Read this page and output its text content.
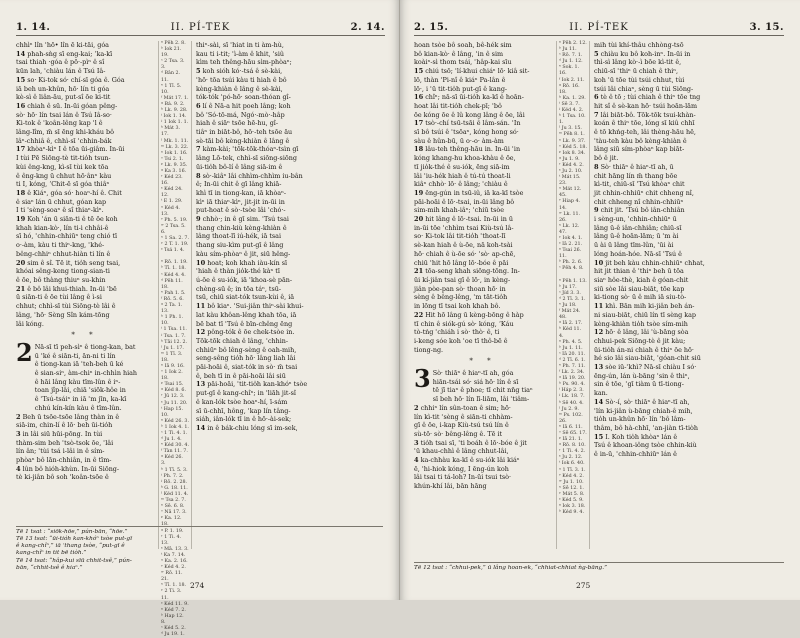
1. 14.	II. PÍ-TEK	2. 14.

chhìⁿ lîn ʿhō• lîn ē ki-tāi, góa

14 phah-sǹg sī eng-kai; ‘ka-kī

tsai thiah ·góa ê pō·-pìⁿ ê sî

kūn lah, ʿchiàu lán ê Tsú Iâ-

15 so· Ki-tok só· chí-sī góa ê. Góa

iā beh un-khûn, hō· lín ti góa

kè-sì ê liân-āu, put-sî ōe ki-tit

16 chiah ê sū. In-ūi góan pêng-

sò· hō· lín tsai lán ê Tsú Iâ-so·

Ki-tok ê ʿkoân-lêng kap ʿl ê

lâng-lîm, m̄ sī ēng khi-kháu bô

lâⁿ-chhiâ ê, chhì-sī ʿchhin-bák

17 khòaⁿ-kìⁿ I ê tōa ūi-giâm. In-ūi

I tùi Pē Siōng-tè tit-tio̍h tsun-

kùi êng-kng, kì-sī tùi kek tōa

ê êng-kng ū chhut hō·ânⁿ kàu

ti I, kóng, ‘Chit-ē sī góa thiâⁿ

18 ê Kiáⁿ, góa só· hoaⁿ-hí ê. Chit

ê siaⁿ lán ū chhut, góan kap

I ti ʿsèng-soaⁿ ê sî thiaⁿ-kìⁿ.

19 Koh ʿán ū siān-ti ê tē ōe koh

khah kian-kò·, lín ti-i chhâi-ê

sī hó, ʿchhin-chhiūⁿ teng chió tī

o·-àm, kàu ti thiⁿ-kng, ʿkhé-

bêng-chhiⁿ chhut-hiàn ti lín ê

20 sim ê sî. Tē it, tio̍h seng tsai,

khóai sêng-keng tiong-sian-ti

ê ōe, bô thàng thiuⁿ su-khin

21 ê bô lâi khui-thiah. In-ūi ʿbē

ū siān-ti ê ōe tùi lâng ê ì-si

chhut; chhì-sī tùi Siōng-tè lâi ê

lâng, ʿhō· Sèng Sîn kám-tōng

lâi kóng.

* *
2 Nā-sī tī peh-sìⁿ ê tiong-kan, bat

ū ʿké ê siān-ti, ān-ni ti lín

ê tiong-kan iā ʿteh-beh ū ké

ê sian-siⁿ, àm-chiⁿ in-chhìn hiah

ê hāi lâng kàu tīm-lûn ê iⁿ-

toan jîp-lâi, chiā ʿsiōk-hôe in

ê ʿTsú-tsáiⁿ in iā ʿm jīn, ka-kī

chhú kín-kín kàu ê tīm-lûn.

2 Beh ū tsōe-tsōe lâng thàn in ê

siā-im, chin-lí ê lō· beh ūi-tio̍h

3 in lâi siū hūi-pōng. In tùi

thàm-sim beh ʿtsò-tsok ōe, ʿlâi

lín ân; ʿtùi tsá i-lâi in ê sím-

phòaⁿ bô lān-chhiân, in ê tīm-

4 lûn bô hióh-khùn. In-ūi Siōng-

tè ki-jiân bô soh ʿkoân-tsōe ê

ᵃ Pēh 2. 8.
ᵇ Iok 21. 19.
ᶜ 2 Tsa. 3. 3.
ᵈ Bân 2. 11.
ᵉ 1 Tī. 5. 10.
ᶠ Mát 17. 1.
ᵍ Bá. 9. 2.
ʰ Lk. 9. 28.
ⁱ Iok 1. 14.
ʲ 1 Iok 1. 1.
ᵏ Mát 3. 17.
ˡ Mk. 1. 11.
ᵐ Lk. 3. 22.
ⁿ Iok 1. 16.
ᵒ Tsi 2. 1.
ᵖ Lk. 9. 35.
ᵍ Ka 3. 16.
ʳ Kéd 23. 16.
ˢ Kéd 24. 12.
ᵗ E 1. 29.
ᵘ Kéd 4. 13.
ᵛ Ph. 5. 19.
ʷ 2 Tsa. 5. 6.
ˣ 1 Sa. 2. 7.
ʸ 2 T. 1. 19.
ᶻ Tsá 1. 4.

ᵃ Rō. 1. 19.
ᵇ Tī. 1. 18.
ᶜ Kéd 4. 4.
ᵈ Pēh 11. 18.
ᵉ Pah 1. 5.
ᶠ Rō. 5. 6.
ᵍ 2 Ta. 1. 13.
ʰ 1 Ph. 1. 10.
ⁱ 1 Tsa. 11.
ʲ Tsa. 1. 7.
ᵏ Tāi 12. 2.
ˡ Ju 1. 17.
ᵐ 1 Tī. 3. 18.
ⁿ Iā 9. 16.
ᵒ 1 Iok 2. 18.
ᵖ Tsai 15.
ᵍ Kéd 8. 6.
ʳ Jū 12. 3.
ˢ Ju 11. 20.
ᵗ Hap 15. 10.
ᵃ Kéd 26. 3.
ᵇ 1 Iok 4. 1.
ᶜ 1 Ti. 4. 1.
ᵈ Ju 1. 4.
ᵉ Kéd 30. 4.
ᶠ Tàn 11. 7.
ᵍ Kéd 26. 3.
ʰ 1 Tī. 5. 3.
ⁱ Ph. 7. 2.
ʲ Rō. 2. 28.
ᵏ G. 18. 11.
ˡ Kéd 11. 4.
ᵐ Tsa 2. 7.
ⁿ Sē. 6. 8.
ᵒ Nā 17. 3.
ᵖ Ka. 12. 18.
ᵍ P. 1. 19.
ʳ 1 Ti. 4. 13.
ˢ Mā. 13. 3.
ᵗ Ka 7. 14.
ᵘ Ka. 2. 16.
ᵛ Kéd 4. 2.
ʷ Rō. 11. 21.
ˣ Tī. 1. 18.
ʸ 2 Ti. 3. 11.
ᶻ Kéd 11. 9.
ᵃ Kéd 7. 2.
ᵇ Hap 12. 8.
ᶜ Kéd 5. 2.
ᵈ Ju 19. 1.

thiⁿ-sài, sī ʿhiat in ti àm-hù,

kau ti i-tit; ʿì-àm ê khit, ʿsiû

kìm teh thêng-hāu sìm-phòaⁿ;

5 koh sióh kó·-tsá ê sè-kài,

ʿhō· tōa tsúi kàu ti hiah ê bô

kèng-khiàn ê lâng ê sè-kài,

tók-tók ʿpó-hō· soan-thóan gî-

6 lí ê Nā-a hit poeh lâng; koh

bô ʿSó-tō-má, Ngó·-mò·-hâp

hiah ê siāⁿ tsōe hē-hu, gî-

tiâⁿ in biāt-bô, hō·-teh tsōe āu

sè-tāi bô kèng-khiàn ê lâng ê

7 kàm-kài; ʿtōk-tōk-thóaⁿ-tsìn gī

lâng Lō-tek, chhì-sī siōng-siōng

ūi-tio̍h bô-lí ê lâng siā-im ê

8 sò·-kiâⁿ lâi chhìm-chhìm iu-bân

ê; In-ūi chit ê gī lâng khiā-

khì tī in tiong-kan, iā khòaⁿ-

kìⁿ iā thiaⁿ-kìⁿ, jit-jit in-ūi in

put-hoat ê sò·-tsòe lâi ʿchó·-

9 chhò·; in ê gī sim. ʿTsú tsai

thang chin-kiù kèng-khiàn ê

lâng thoat-lī iú-hék, iā tsai

thang siu-kìm put-gī ê lâng

kàu sím-phòaⁿ ê jit, siū hêng-

10 hoat; koh khah iàu-kín sī

ʿhiah ê thàn jio̍k-thé kàⁿ tī

ú-ōe ê su-iók, iā ʿkhoa-sè pān-

chèng-sū ê; in tōa táⁿ, tsū-

tsū, chiū siat-tók tsun-kùi ê, iā

11 bô kiaⁿ. ʿSui-jiân thiⁿ-sài khui-

lat kàu khôan-lêng khah tōa, iā

bē bat tī ʿTsú ê bīn-chêng ēng

12 pông-tók ê ōe chek-tsòe in.

Tōk-tōk chiah ê lâng, ʿchhin-

chhiūⁿ bô lêng-sèng ê oah-mih,

seng-sêng tio̍h hō· lâng liah lâi

pāi-hoāi ê, siat-tók in sò· m̄ tsai

ê, beh tī in ê pāi-hoāi lâi siū

13 pāi-hoāi, ʿtit-tio̍h kan-khóⁿ tsòe

put-gī ê kang-chîⁿ; in ʿliāh jit-sî

ê kan-lók tsòe hoaⁿ-hí, ī-sám

sī ū-chhī, hông, ʿkap lín tâng-

siáh, iân-lók tī in ê hō·-ài-sek;

14 in ê bák-chiu lóng sī im-sek,

Tē 1 tsat : “siōk-hōe,” pún-bān, “hōe.”

Tē 13 tsat: “ūi-tio̍h kan-khóⁿ tsòe put-gī

ê kang-chîⁿ,” iā ʿthang tsòe, “put-gī ê

kang-chîⁿ in tit bē tio̍h.”

Tē 14 tsat: “hâp-kui sīū chhit-tsê,” pún-

bān, “chhit-tsê ê hiaⁿ.”

274
2. 15.	II. PÍ-TEK	3. 15.

hoan tsòe bô soah, bê-hék sim

bô kian-kò· ê lâng, ʿin ê sim

koàiⁿ-sì thom tsái, ʿhâp-kai sīu

15 chiú tsō; ʿlí-khui chiáⁿ lō· kiâ sit-

lō, thàn ʿPi-nî ê kiáⁿ Pa-lân ê

lō·, i ʿū tit-tio̍h put-gī ê kang-

16 chîⁿ; nā-sī ūi-tio̍h ka-kī ê hoān-

hoat lâi tit-tio̍h chek-pī; ʿbô

ōe kóng ōe ê lû kong lâng ê ōe, lâi

17 tsò·-chí tsū-tsāi ê lâm-sán. ʿIn

sī bô tsúi ê ʿtsōaⁿ, kóng hong só·

sàu ê hûn-bū, ū o·-o· àm-àm

18 lâu-teh thêng-hāu in. In-ūi ʿin

kóng khang-hu khoa-khàu ê ōe,

tī jio̍k-thé ê su-iók, ēng siā-im

lâi ʿiu-hék hiah ê tú-tú thoat-li

kiâⁿ chhò· lō· ê lâng; ʿchiàu ê

19 ēng-gún in tsū-iû, iā ka-kī tsòe

pāi-hoāi ê lō·-tsai, in-ūi lâng bô

sim-mih khah-iâⁿ; ʿchiū tsòe

20 hit lâng ê lō·-tsai. In-ūi in ū

in-ūi tōe ʿchhìm tsai Kiù-tsú lâ-

so· Ki-tok lâi tit-tio̍h ʿthoat-lī

sè-kan hiah ê ù-ōe, nā koh-tsài

hō· chiah ê ù-ōe só· ʿsò· ap-chē,

chiū ʿhit hō lâng lō·-bóe ê pāi

21 tōa-seng khah siōng-tōng. In-

ūi kí-jiân tsai gī ê lō·, in kèng-

jiân pòe-pan sò· thoan hō· in

sèng ê bêng-lêng, ʿm tāt-tio̍h

in lōng tī tsai koh khah bô.

22 Hit hō lâng ū kèng-bōng ê hàp

tī chin ê siók-gú sò· kóng, ‘Káu

tò-tńg ʿchiáh i sò· thò· ê, ti

i-keng sóe koh ʿoe tī thô-bē ê

tiong-ng.

* *
3 Sò· thiāⁿ ê hiaⁿ-tī ah, góa

hiān-tsái só· siá hō· lín ê sī

tē jī tiaⁿ ê phoe; tī chit nn̄g tiaⁿ

sī beh hō· lín lī-liām, lâi ʿtiâm-

2 chhiⁿ lín sûn-toan ê sim; hō·

lín kì-tit ʿsèng ê siān-ti chhàm-

gī ê ōe, i-kap Kiù-tsú tsú lín ê

sù-tō· sò· bêng-lêng ê. Tē it

3 tio̍h tsai sī, ʿti boáh ê lō·-bóe ê jit

ʿū khau-chhì ê lâng chhut-lâi,

4 ka-chhàu ka-kī ê su-iók lâi kiáⁿ

ē, ʿhi-hiok kóng, I ēng-ún koh

lâi tsai ti tá-loh? In-ūi tsui tsò·

khún-khí lâi, bān hāng

ᵃ Pēh 2. 12.
ᵇ Ju 11.
ᶜ Rō. 7. 1.
ᵈ Ju 1. 12.
ᵉ Sok. 1. 16.
ᶠ Iok 2. 11.
ᵍ Rō. 16. 18.
ʰ Ka. 1. 29.
ⁱ Sē 3. 7.
ʲ Kéd 4. 2.
ᵏ 1 Tsa. 10. 1.
ˡ Ju 3. 15.
ᵐ Pēh 8. 1.
ⁿ Lk. 9. 37.
ᵒ Kéd 5. 18.
ᵖ Iok 8. 34.
ᵍ Ju 1. 9.
ʳ Kéd 4. 2.
ˢ Ju 2. 10.
ᵗ Mát 15. 23.
ᵘ Mát 12. 45.
ᵛ Hiap 4. 14.
ʷ Lk. 11. 26.
ˣ Lk. 12. 47.
ʸ Iok 4. 1.
ᶻ Iā 2. 21.
ᵃ Tsai 26. 11.
ᵇ Ph. 2. 6.
ᶜ Pēh 4. 8.

ᵃ Pēh 1. 13.
ᵇ Ju 17.
ᶜ Jíd 3. 3.
ᵈ 2 Tī. 3. 1.
ᵉ Ju 18.
ᶠ Mát 24. 48.
ᵍ Iā 2. 17.
ʰ Kéd 11. 4.
ᵃ Ph. 4. 5.
ᵇ Ju 1. 11.
ᶜ Iā 20. 11.
ᵈ 2 Tī. 6. 1.
ᵉ Ph. 7. 11.
ᶠ Lk. 2. 34.
ᵍ Iā 19. 20.
ʰ Ps. 90. 4.
ⁱ Háp 2. 3.
ʲ Lk. 18. 7.
ᵏ Sē 40. 4.
ˡ Ju 2. 9.
ᵐ Ps. 102. 26.
ⁿ Iā 6. 11.
ᵒ Sē 65. 17.
ᵖ Iā 21. 1.
ᵍ Rō. 8. 10.
ʳ 1 Ti. 4. 2.
ˢ Ju 2. 12.
ᵗ Iok 6. 40.
ᵘ 1 Tī. 3. 1.
ᵛ Kéd 4. 2.
ʷ Ju 1. 10.
ˣ Sē 12. 1.
ʸ Mát 5. 8.
ᶻ Kéd 5. 9.
ᵃ Iok 3. 18.
ᵇ Kéd 9. 4.

mih tùi khí-thâu chhòng-tsō

5 chiàu ku bô koh-inⁿ. In-ūi in

thì-sì lâng kò·-ì bōe kì-tit ê,

chiū-sī ʿthiⁿ ū chiah ê thiⁿ,

koh ʿū tōe tùi tsúi chhut, tùi

tsúi lâi chiaⁿ, sèng ū tùi Siōng-

6 tè ê tō ; tùi chiah ê thiⁿ tōe tng

hit sî ê sè-kan hō· tsúi hoān-lām

7 lâi biāt-bô. Tōk-tōk tsui-khàn-

koán ê thiⁿ tōe, lóng sī kiû chhī

ê tō khńg-teh, lâi thèng-hāu hē,

ʿtàu-teh kàu bô kèng-khiàn ê

lâng siū sím-phòaⁿ kap biāt-

bô ê jit.

8 Sò· thiāⁿ ê hiaⁿ-tī ah, ū

chit hāng lín m̄ thang bōe

kì-tit, chiū-sī ʿTsú khòaⁿ chit

jit chhin-chhiūⁿ chit chheng nî,

chit chheng nî chhin-chhiūⁿ

9 chit jit. ʿTsú bô iân-chhiân

i sèng-un, ʿchhin-chhiūⁿ ū

lâng ū-ê iân-chhiân; chiū-sī

lâng ū-ê hoān-lām; ū ʿm ài

ū ài ū lâng tīm-lûn, ʿūi ài

lóng hoán-hóe. Nā-sī ʿTsú ê

10 jit beh kàu chhin-chhiūⁿ chhat,

hit jit thian ê ʿthiⁿ beh ū tōa

siaⁿ hôe-thè, kiah ê góan-chit

siū sòe lâi siau-biāt, tōe kap

ki-tiong sò· ū ê mih iā siu-tò-

11 khì. Bān mih ki-jiân beh án-

ni siau-biāt, chiū lín tī sèng kap

kèng-khiàn tio̍h tsòe sím-mih

12 hō· ê lâng, lâi ʿù-bāng sòa

chhui-pek Siōng-tè ê jit kàu;

ūi-tio̍h án-ni chiah ê thiⁿ ōe hō·

hé sio lâi siau-biāt, ʿgóan-chit siū

13 sòe iū-ʿkhì? Nā-sī chiàu I só·

ēng-ún, lán ù-bāng ʿsin ê thiⁿ,

sin ê tōe, ʿgī tiàm ū tī-tiong-

kan.

14 Sò·-í, sò· thiāⁿ ê hiaⁿ-tī ah,

ʿlín ki-jiân ù-bāng chiah-ê mih,

tio̍h un-khûn hō· lín ʿbô lâm-

thâm, bô hà-chhī, ʿan-jiàn tī-tiòh

15 I. Koh tio̍h khòaⁿ lán ê

Tsú ê khoan-iông tsòe chhin-kiù

ê in-ū, ʿchhin-chhiūⁿ lán ê

Tē 12 tsat : “chhui-pek,” ū lâng hoan-ek, “chhiat-chhiat ǹg-bāng.”

275
